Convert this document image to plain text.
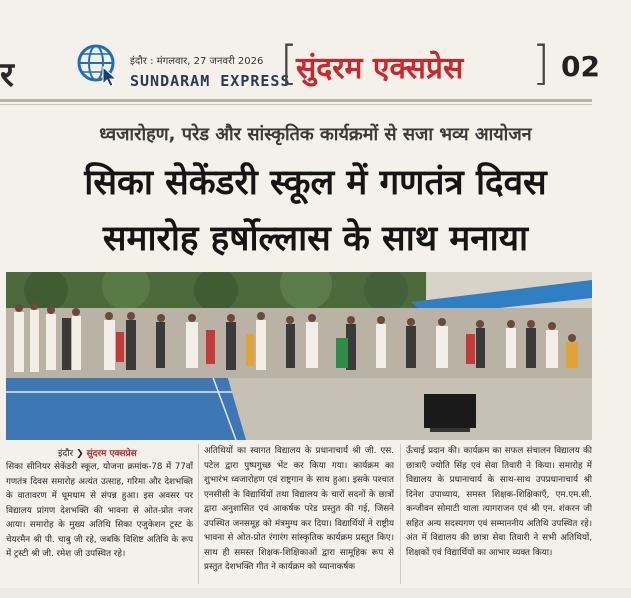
र	इंदौर : मंगलवार, 27 जनवरी 2026
SUNDARAM EXPRESS
[
सुंदरम एक्सप्रेस ] 02
ध्वजारोहण, परेड और सांस्कृतिक कार्यक्रमों से सजा भव्य आयोजन
सिका सेकेंडरी स्कूल में गणतंत्र दिवस
समारोह हर्षोल्लास के साथ मनाया
इंदौर ❯ सुंदरम एक्सप्रेस
सिका सीनियर सेकेंडरी स्कूल, योजना क्रमांक-78 में 77वाँ गणतंत्र दिवस समारोह अत्यंत उत्साह, गरिमा और देशभक्ति के वातावरण में धूमधाम से संपन्न हुआ। इस अवसर पर विद्यालय प्रांगण देशभक्ति की भावना से ओत-प्रोत नजर आया। समारोह के मुख्य अतिथि सिका एजुकेशन ट्रस्ट के चेयरमैन श्री पी. चाबु जी रहे, जबकि विशिष्ट अतिथि के रूप में ट्रस्टी श्री जी. रमेश जी उपस्थित रहे।
अतिथियों का स्वागत विद्यालय के प्रधानाचार्य श्री जी. एस. पटेल द्वारा पुष्पगुच्छ भेंट कर किया गया। कार्यक्रम का शुभारंभ ध्वजारोहण एवं राष्ट्रगान के साथ हुआ। इसके पश्चात एनसीसी के विद्यार्थियों तथा विद्यालय के चारों सदनों के छात्रों द्वारा अनुशासित एवं आकर्षक परेड प्रस्तुत की गई, जिसने उपस्थित जनसमूह को मंत्रमुग्ध कर दिया। विद्यार्थियों ने राष्ट्रीय भावना से ओत-प्रोत रंगारंग सांस्कृतिक कार्यक्रम प्रस्तुत किए। साथ ही समस्त शिक्षक-शिक्षिकाओं द्वारा सामूहिक रूप से प्रस्तुत देशभक्ति गीत ने कार्यक्रम को ध्यानाकर्षक
ऊँचाई प्रदान की। कार्यक्रम का सफल संचालन विद्यालय की छात्राएँ ज्योति सिंह एवं सेवा तिवारी ने किया। समारोह में विद्यालय के प्रधानाचार्य के साथ-साथ उपप्रधानाचार्य श्री दिनेश उपाध्याय, समस्त शिक्षक-शिक्षिकाएँ, एम.एम.सी. कन्जीवन सोमाटी थाला त्यागराजन एवं श्री एन. शंकरन जी सहित अन्य सदस्यगण एवं सम्माननीय अतिथि उपस्थित रहे। अंत में विद्यालय की छात्रा सेवा तिवारी ने सभी अतिथियों, शिक्षकों एवं विद्यार्थियों का आभार व्यक्त किया।
